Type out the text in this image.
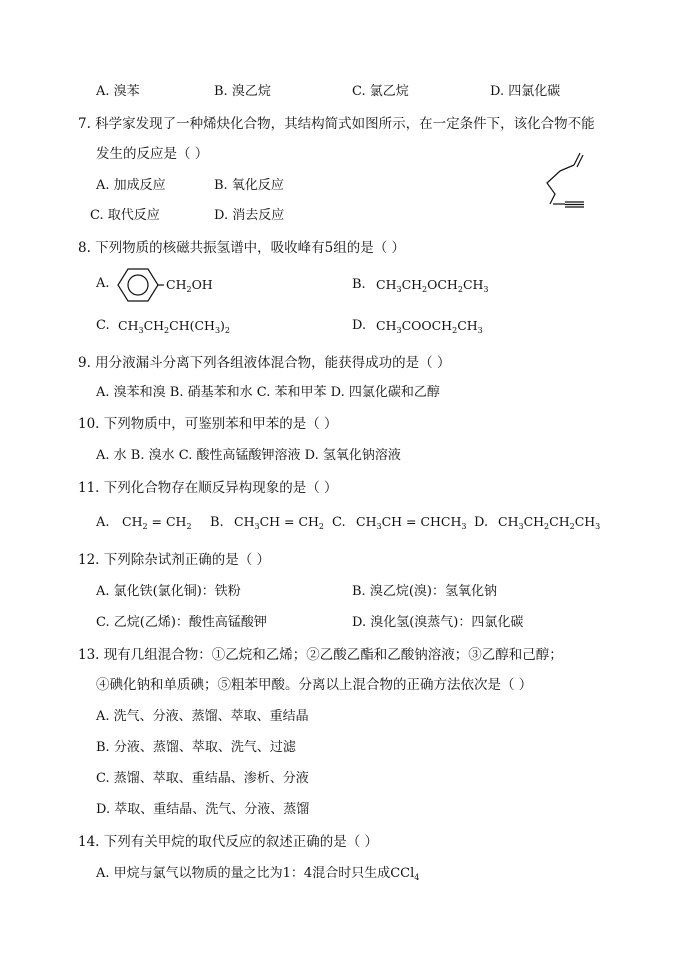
A. 溴苯	B. 溴乙烷	C. 氯乙烷	D. 四氯化碳
7. 科学家发现了一种烯炔化合物，其结构简式如图所示，在一定条件下，该化合物不能
发生的反应是（ ）
A. 加成反应	B. 氧化反应
C. 取代反应	D. 消去反应
8. 下列物质的核磁共振氢谱中，吸收峰有5组的是（ ）
A.	$CH_2OH$	B. $CH_3CH_2OCH_2CH_3$
C. $CH_3CH_2CH(CH_3)_2$	D. $CH_3COOCH_2CH_3$
9. 用分液漏斗分离下列各组液体混合物，能获得成功的是（ ）
A. 溴苯和溴 B. 硝基苯和水 C. 苯和甲苯 D. 四氯化碳和乙醇
10. 下列物质中，可鉴别苯和甲苯的是（ ）
A. 水 B. 溴水 C. 酸性高锰酸钾溶液 D. 氢氧化钠溶液
11. 下列化合物存在顺反异构现象的是（ ）
A. $CH_2 = CH_2$ B. $CH_3CH = CH_2$ C. $CH_3CH$ = $CHCH_3$ D. $CH_3CH_2CH_2CH_3$
12. 下列除杂试剂正确的是（ ）
A. 氯化铁(氯化铜)：铁粉	B. 溴乙烷(溴)：氢氧化钠
C. 乙烷(乙烯)：酸性高锰酸钾	D. 溴化氢(溴蒸气)：四氯化碳
13. 现有几组混合物：①乙烷和乙烯；②乙酸乙酯和乙酸钠溶液；③乙醇和己醇；
④碘化钠和单质碘；⑤粗苯甲酸。分离以上混合物的正确方法依次是（ ）
A. 洗气、分液、蒸馏、萃取、重结晶
B. 分液、蒸馏、萃取、洗气、过滤
C. 蒸馏、萃取、重结晶、渗析、分液
D. 萃取、重结晶、洗气、分液、蒸馏
14. 下列有关甲烷的取代反应的叙述正确的是（ ）
A. 甲烷与氯气以物质的量之比为1：4混合时只生成CCl$_4$
